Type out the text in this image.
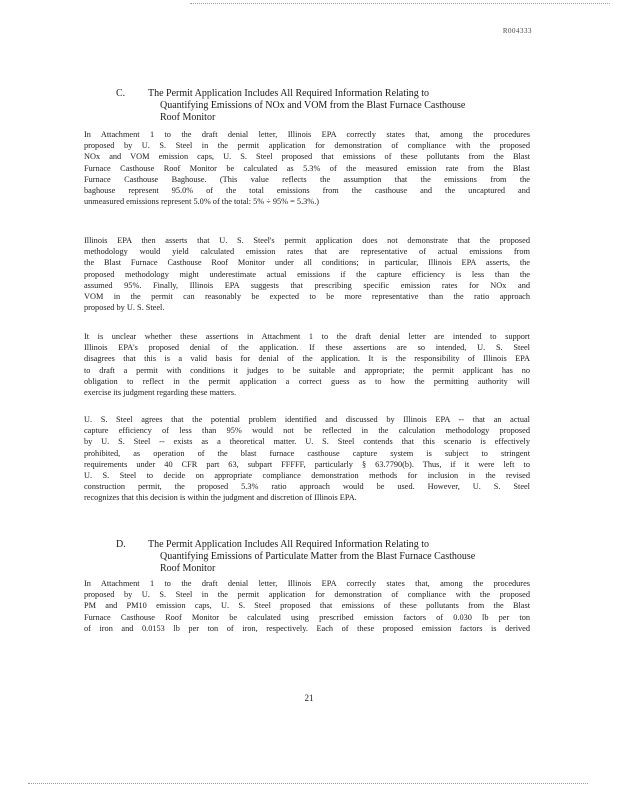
R004333
C.	The Permit Application Includes All Required Information Relating to
Quantifying Emissions of NOx and VOM from the Blast Furnace Casthouse
Roof Monitor
In Attachment 1 to the draft denial letter, Illinois EPA correctly states that, among the procedures
proposed by U. S. Steel in the permit application for demonstration of compliance with the proposed
NOx and VOM emission caps, U. S. Steel proposed that emissions of these pollutants from the Blast
Furnace Casthouse Roof Monitor be calculated as 5.3% of the measured emission rate from the Blast
Furnace Casthouse Baghouse. (This value reflects the assumption that the emissions from the
baghouse represent 95.0% of the total emissions from the casthouse and the uncaptured and
unmeasured emissions represent 5.0% of the total: 5% ÷ 95% = 5.3%.)
Illinois EPA then asserts that U. S. Steel's permit application does not demonstrate that the proposed
methodology would yield calculated emission rates that are representative of actual emissions from
the Blast Furnace Casthouse Roof Monitor under all conditions; in particular, Illinois EPA asserts, the
proposed methodology might underestimate actual emissions if the capture efficiency is less than the
assumed 95%. Finally, Illinois EPA suggests that prescribing specific emission rates for NOx and
VOM in the permit can reasonably be expected to be more representative than the ratio approach
proposed by U. S. Steel.
It is unclear whether these assertions in Attachment 1 to the draft denial letter are intended to support
Illinois EPA's proposed denial of the application. If these assertions are so intended, U. S. Steel
disagrees that this is a valid basis for denial of the application. It is the responsibility of Illinois EPA
to draft a permit with conditions it judges to be suitable and appropriate; the permit applicant has no
obligation to reflect in the permit application a correct guess as to how the permitting authority will
exercise its judgment regarding these matters.
U. S. Steel agrees that the potential problem identified and discussed by Illinois EPA -- that an actual
capture efficiency of less than 95% would not be reflected in the calculation methodology proposed
by U. S. Steel -- exists as a theoretical matter. U. S. Steel contends that this scenario is effectively
prohibited, as operation of the blast furnace casthouse capture system is subject to stringent
requirements under 40 CFR part 63, subpart FFFFF, particularly § 63.7790(b). Thus, if it were left to
U. S. Steel to decide on appropriate compliance demonstration methods for inclusion in the revised
construction permit, the proposed 5.3% ratio approach would be used. However, U. S. Steel
recognizes that this decision is within the judgment and discretion of Illinois EPA.
D.	The Permit Application Includes All Required Information Relating to
Quantifying Emissions of Particulate Matter from the Blast Furnace Casthouse
Roof Monitor
In Attachment 1 to the draft denial letter, Illinois EPA correctly states that, among the procedures
proposed by U. S. Steel in the permit application for demonstration of compliance with the proposed
PM and PM10 emission caps, U. S. Steel proposed that emissions of these pollutants from the Blast
Furnace Casthouse Roof Monitor be calculated using prescribed emission factors of 0.030 lb per ton
of iron and 0.0153 lb per ton of iron, respectively. Each of these proposed emission factors is derived
21
